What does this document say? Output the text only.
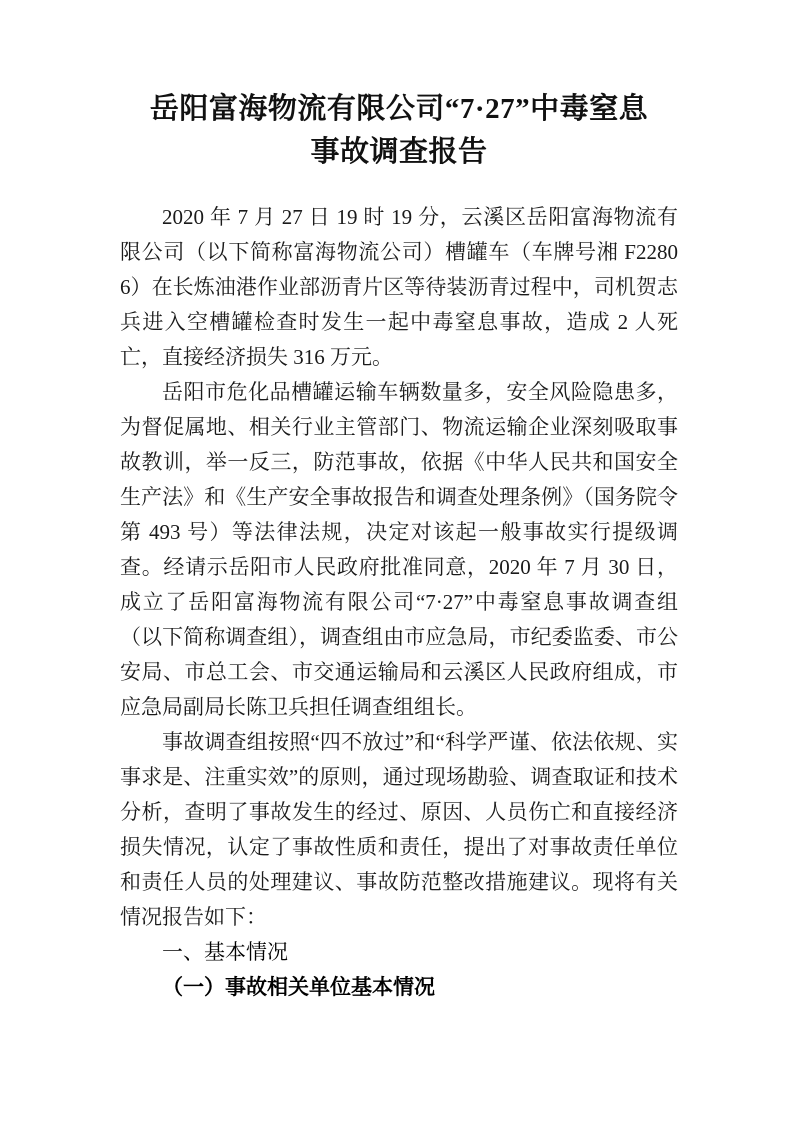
岳阳富海物流有限公司“7·27”中毒窒息
事故调查报告

2020 年 7 月 27 日 19 时 19 分，云溪区岳阳富海物流有限公司（以下简称富海物流公司）槽罐车（车牌号湘 F22806）在长炼油港作业部沥青片区等待装沥青过程中，司机贺志兵进入空槽罐检查时发生一起中毒窒息事故，造成 2 人死亡，直接经济损失 316 万元。

岳阳市危化品槽罐运输车辆数量多，安全风险隐患多，为督促属地、相关行业主管部门、物流运输企业深刻吸取事故教训，举一反三，防范事故，依据《中华人民共和国安全生产法》和《生产安全事故报告和调查处理条例》（国务院令第 493 号）等法律法规，决定对该起一般事故实行提级调查。经请示岳阳市人民政府批准同意，2020 年 7 月 30 日，成立了岳阳富海物流有限公司“7·27”中毒窒息事故调查组（以下简称调查组），调查组由市应急局，市纪委监委、市公安局、市总工会、市交通运输局和云溪区人民政府组成，市应急局副局长陈卫兵担任调查组组长。

事故调查组按照“四不放过”和“科学严谨、依法依规、实事求是、注重实效”的原则，通过现场勘验、调查取证和技术分析，查明了事故发生的经过、原因、人员伤亡和直接经济损失情况，认定了事故性质和责任，提出了对事故责任单位和责任人员的处理建议、事故防范整改措施建议。现将有关情况报告如下：

一、基本情况
（一）事故相关单位基本情况
